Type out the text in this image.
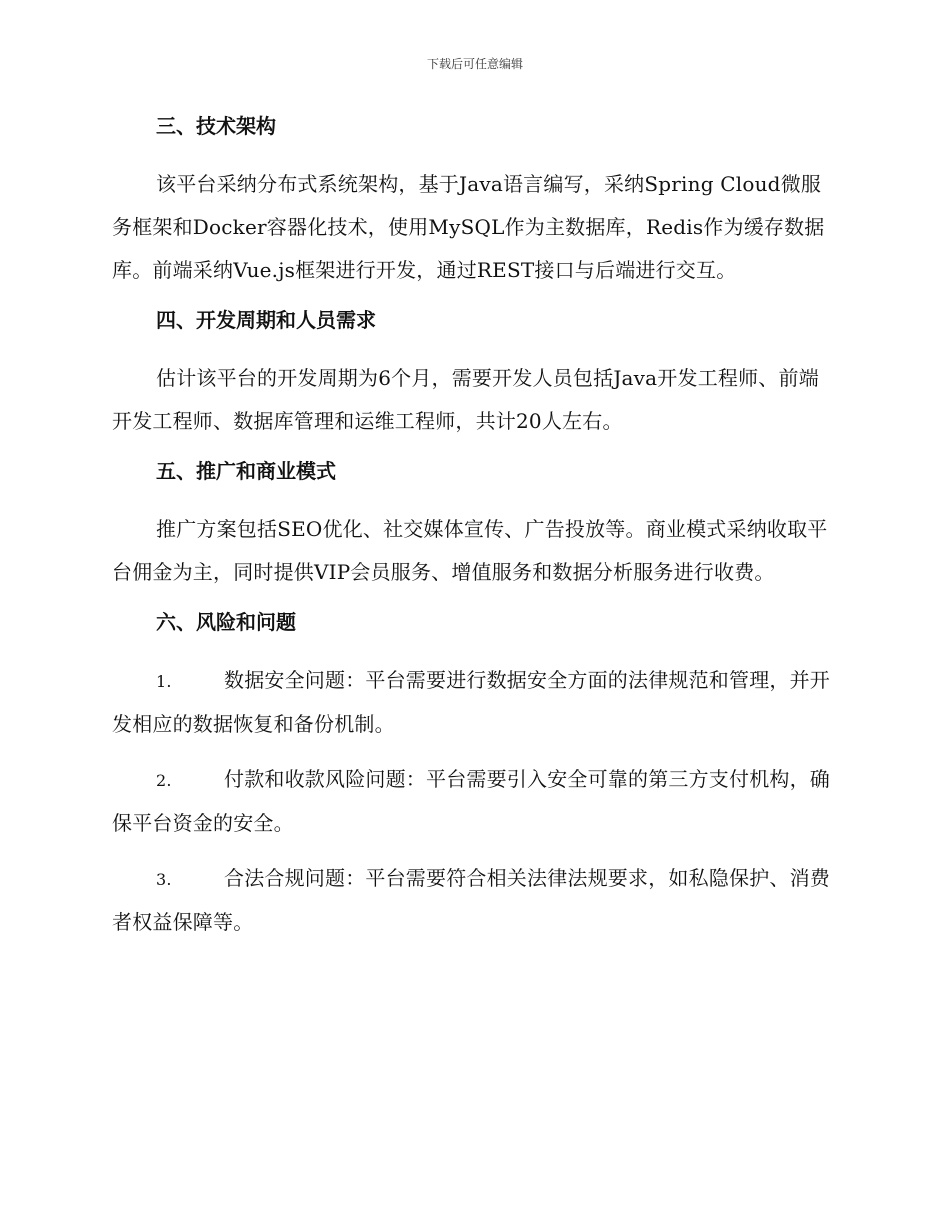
下载后可任意编辑
三、技术架构

该平台采纳分布式系统架构，基于Java语言编写，采纳Spring Cloud微服务框架和Docker容器化技术，使用MySQL作为主数据库，Redis作为缓存数据库。前端采纳Vue.js框架进行开发，通过REST接口与后端进行交互。

四、开发周期和人员需求

估计该平台的开发周期为6个月，需要开发人员包括Java开发工程师、前端开发工程师、数据库管理和运维工程师，共计20人左右。

五、推广和商业模式

推广方案包括SEO优化、社交媒体宣传、广告投放等。商业模式采纳收取平台佣金为主，同时提供VIP会员服务、增值服务和数据分析服务进行收费。

六、风险和问题

1.	数据安全问题：平台需要进行数据安全方面的法律规范和管理，并开发相应的数据恢复和备份机制。

2.	付款和收款风险问题：平台需要引入安全可靠的第三方支付机构，确保平台资金的安全。

3.	合法合规问题：平台需要符合相关法律法规要求，如私隐保护、消费者权益保障等。
